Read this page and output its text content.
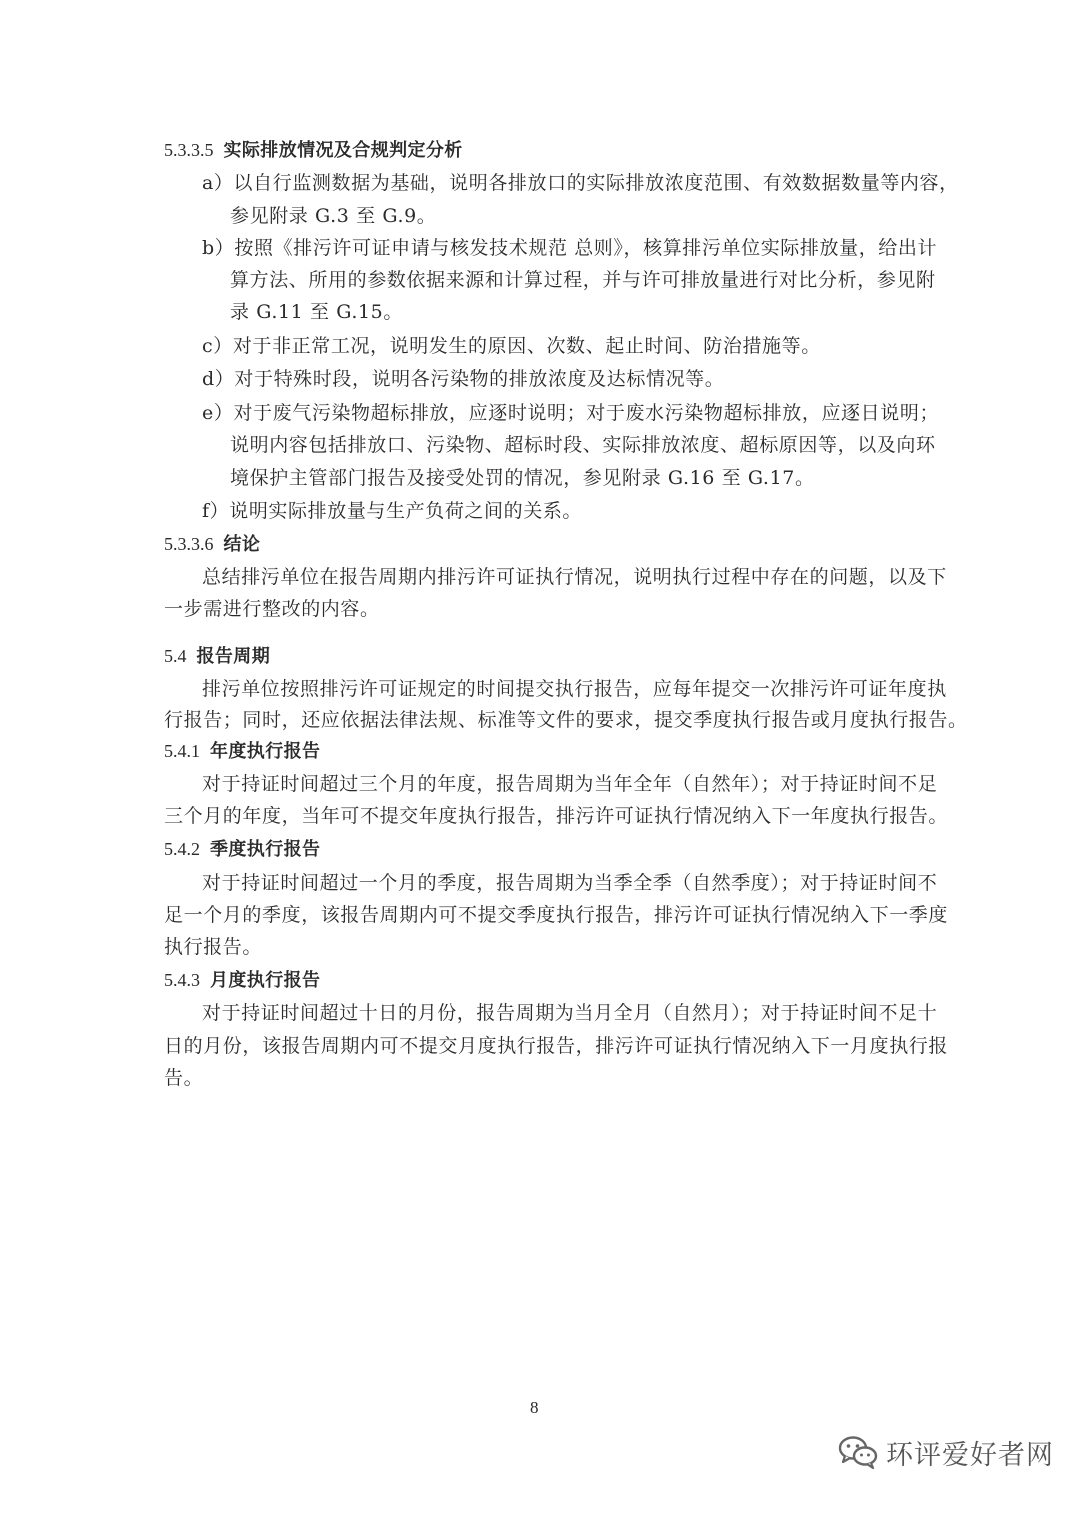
5.3.3.5 实际排放情况及合规判定分析

a）以自行监测数据为基础，说明各排放口的实际排放浓度范围、有效数据数量等内容，

参见附录 G.3 至 G.9。

b）按照《排污许可证申请与核发技术规范 总则》，核算排污单位实际排放量，给出计

算方法、所用的参数依据来源和计算过程，并与许可排放量进行对比分析，参见附

录 G.11 至 G.15。

c）对于非正常工况，说明发生的原因、次数、起止时间、防治措施等。

d）对于特殊时段，说明各污染物的排放浓度及达标情况等。

e）对于废气污染物超标排放，应逐时说明；对于废水污染物超标排放，应逐日说明；

说明内容包括排放口、污染物、超标时段、实际排放浓度、超标原因等，以及向环

境保护主管部门报告及接受处罚的情况，参见附录 G.16 至 G.17。

f）说明实际排放量与生产负荷之间的关系。

5.3.3.6 结论

总结排污单位在报告周期内排污许可证执行情况，说明执行过程中存在的问题，以及下

一步需进行整改的内容。

5.4 报告周期

排污单位按照排污许可证规定的时间提交执行报告，应每年提交一次排污许可证年度执

行报告；同时，还应依据法律法规、标准等文件的要求，提交季度执行报告或月度执行报告。

5.4.1 年度执行报告

对于持证时间超过三个月的年度，报告周期为当年全年（自然年）；对于持证时间不足

三个月的年度，当年可不提交年度执行报告，排污许可证执行情况纳入下一年度执行报告。

5.4.2 季度执行报告

对于持证时间超过一个月的季度，报告周期为当季全季（自然季度）；对于持证时间不

足一个月的季度，该报告周期内可不提交季度执行报告，排污许可证执行情况纳入下一季度

执行报告。

5.4.3 月度执行报告

对于持证时间超过十日的月份，报告周期为当月全月（自然月）；对于持证时间不足十

日的月份，该报告周期内可不提交月度执行报告，排污许可证执行情况纳入下一月度执行报

告。

8
环评爱好者网
